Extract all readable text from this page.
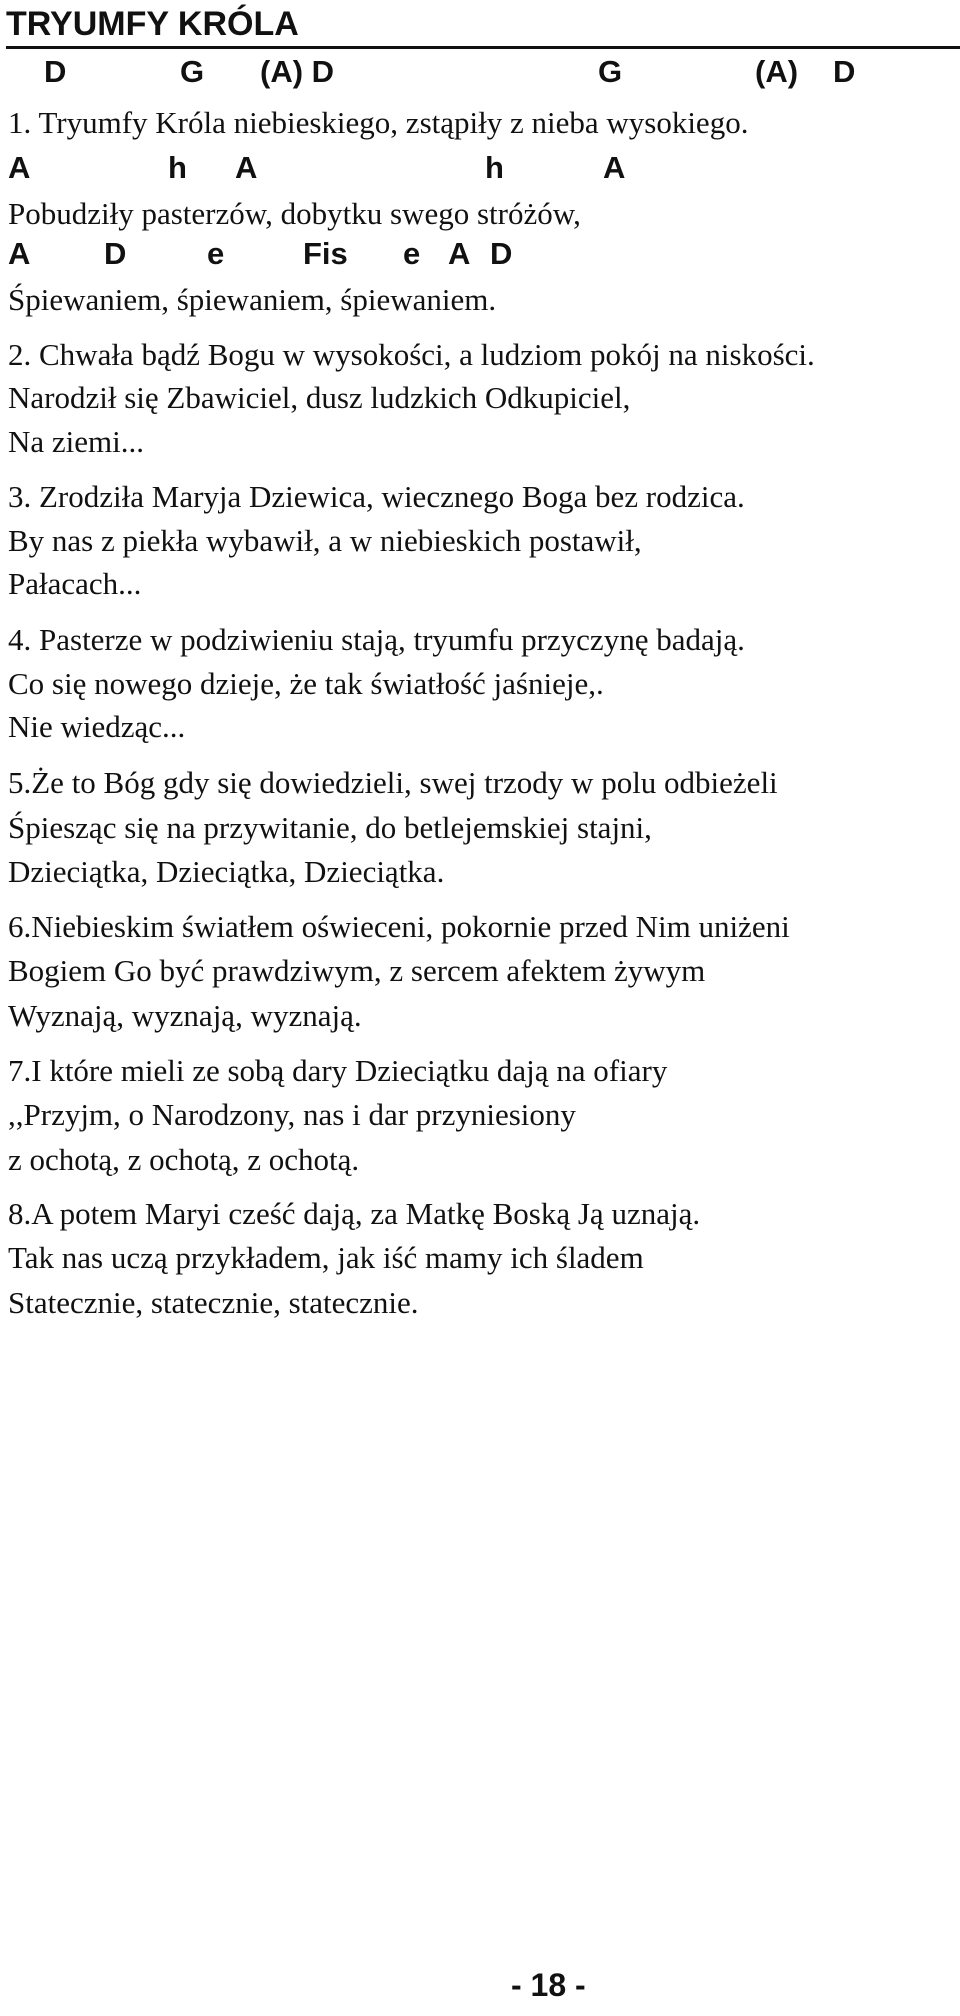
TRYUMFY KRÓLA
D	G (A) D	G	(A) D
1. Tryumfy Króla niebieskiego, zstąpiły z nieba wysokiego.
A	h A	h	A
Pobudziły pasterzów, dobytku swego stróżów,
A D	e	Fis e A D
Śpiewaniem, śpiewaniem, śpiewaniem.
2. Chwała bądź Bogu w wysokości, a ludziom pokój na niskości.
Narodził się Zbawiciel, dusz ludzkich Odkupiciel,
Na ziemi...
3. Zrodziła Maryja Dziewica, wiecznego Boga bez rodzica.
By nas z piekła wybawił, a w niebieskich postawił,
Pałacach...
4. Pasterze w podziwieniu stają, tryumfu przyczynę badają.
Co się nowego dzieje, że tak światłość jaśnieje,.
Nie wiedząc...
5.Że to Bóg gdy się dowiedzieli, swej trzody w polu odbieżeli
Śpiesząc się na przywitanie, do betlejemskiej stajni,
Dzieciątka, Dzieciątka, Dzieciątka.
6.Niebieskim światłem oświeceni, pokornie przed Nim uniżeni
Bogiem Go być prawdziwym, z sercem afektem żywym
Wyznają, wyznają, wyznają.
7.I które mieli ze sobą dary Dzieciątku dają na ofiary
,,Przyjm, o Narodzony, nas i dar przyniesiony
z ochotą, z ochotą, z ochotą.
8.A potem Maryi cześć dają, za Matkę Boską Ją uznają.
Tak nas uczą przykładem, jak iść mamy ich śladem
Statecznie, statecznie, statecznie.
- 18 -
